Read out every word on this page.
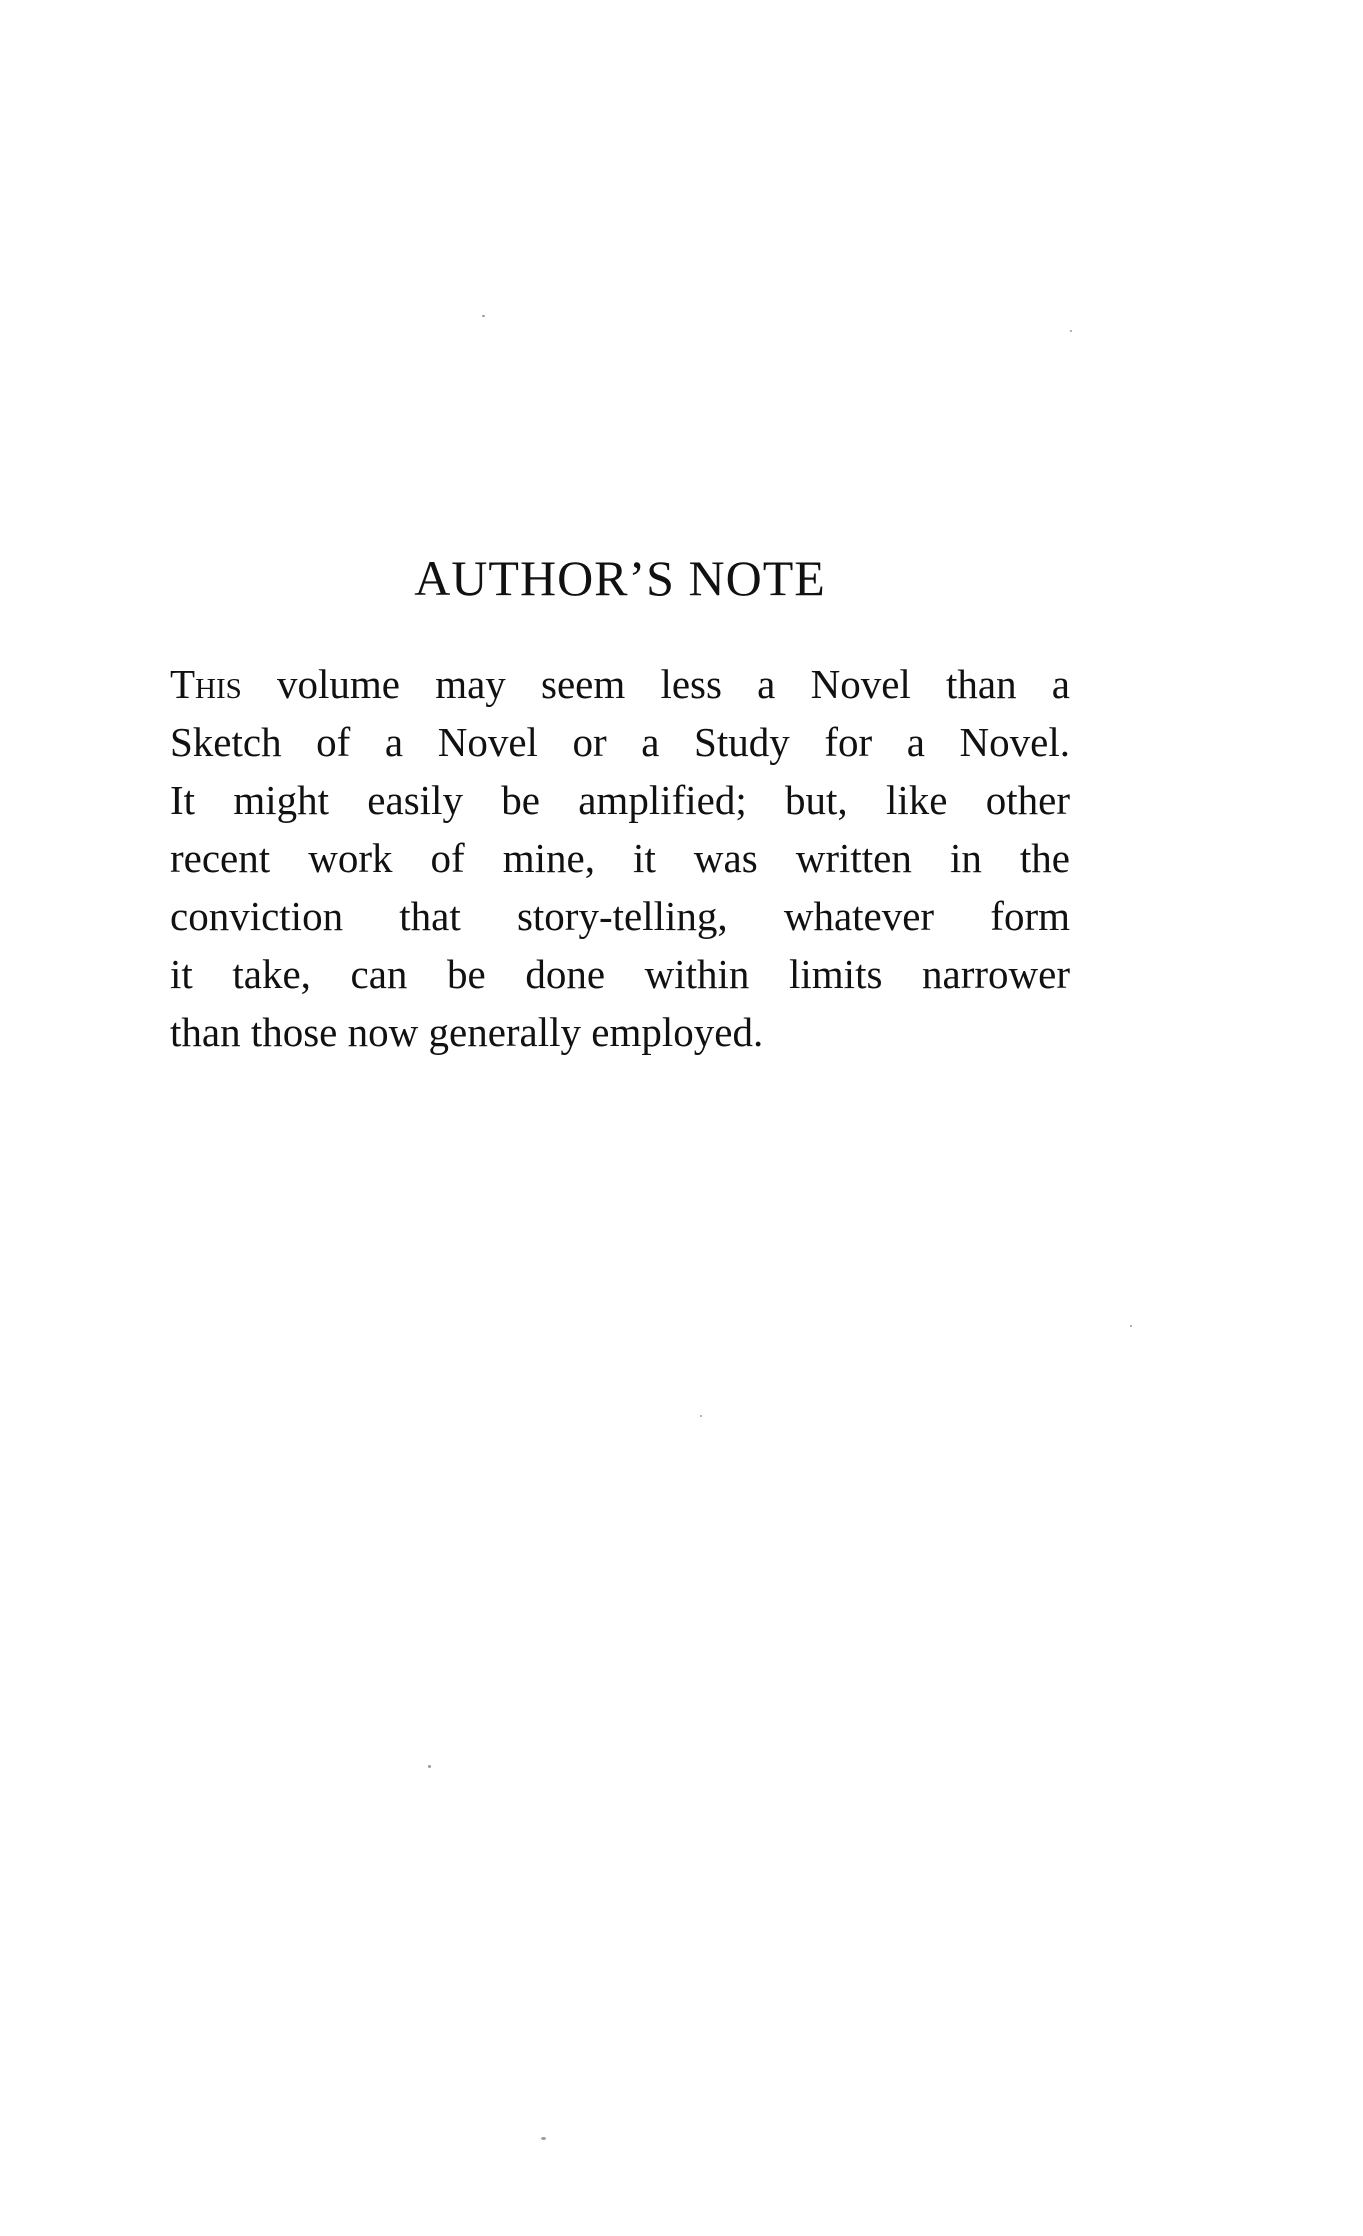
AUTHOR’S NOTE
This volume may seem less a Novel than a
Sketch of a Novel or a Study for a Novel.
It might easily be amplified; but, like other
recent work of mine, it was written in the
conviction that story-telling, whatever form
it take, can be done within limits narrower
than those now generally employed.
